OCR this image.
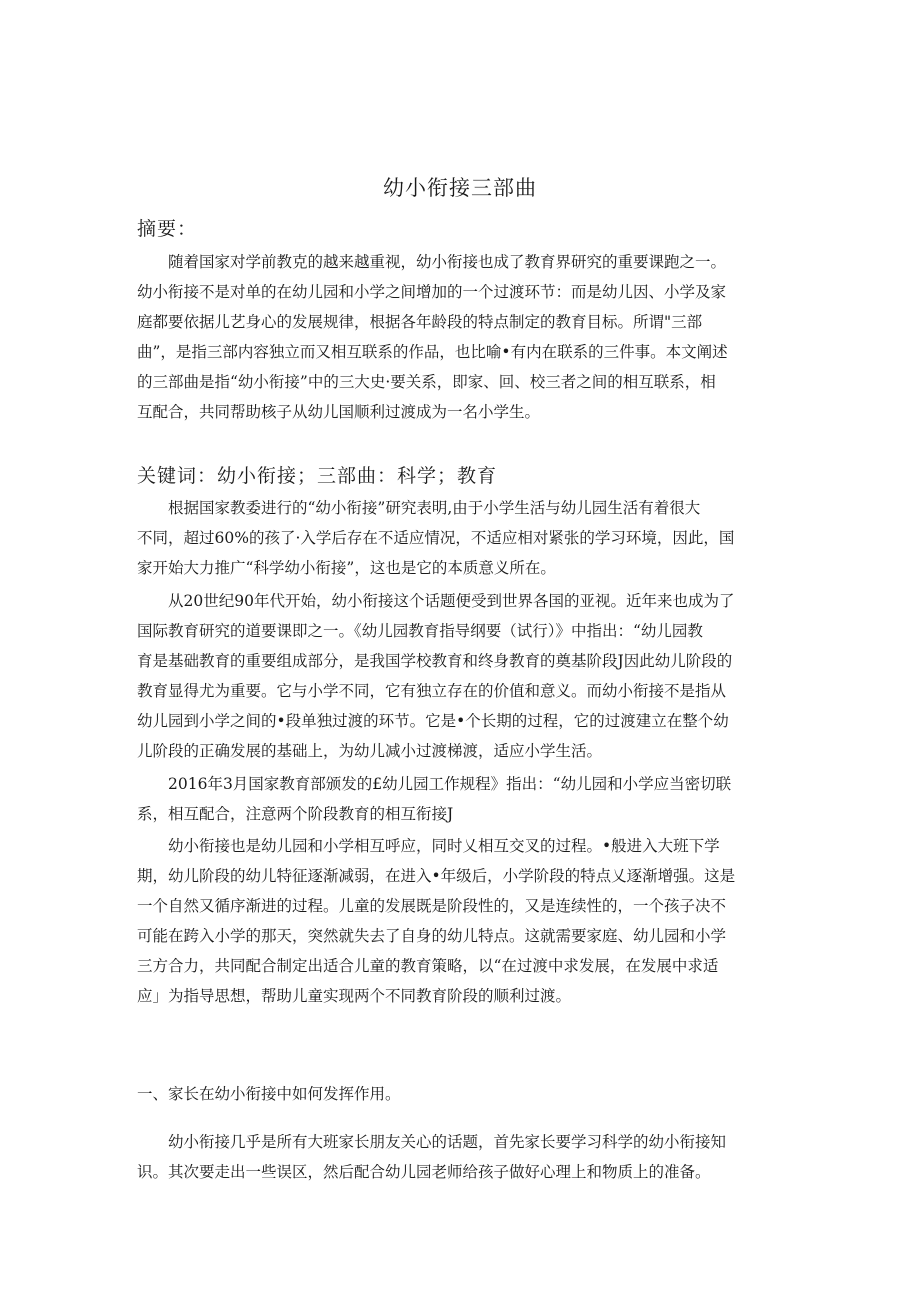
幼小衔接三部曲
摘要：
　　随着国家对学前教克的越来越重视，幼小衔接也成了教育界研究的重要课跑之一。
幼小衔接不是对单的在幼儿园和小学之间增加的一个过渡环节：而是幼儿因、小学及家
庭都要依据儿艺身心的发展规律，根据各年龄段的特点制定的教育目标。所谓"三部
曲”，是指三部内容独立而又相互联系的作品，也比喻•有内在联系的三件事。本文阐述
的三部曲是指“幼小衔接”中的三大史·要关系，即家、回、校三者之间的相互联系，相
互配合，共同帮助核子从幼儿国顺利过渡成为一名小学生。
关键词：幼小衔接；三部曲：科学；教育
　　根据国家教委进行的“幼小衔接”研究表明,由于小学生活与幼儿园生活有着很大
不同，超过60%的孩了·入学后存在不适应情况，不适应相对紧张的学习环境，因此，国
家开始大力推广“科学幼小衔接”，这也是它的本质意义所在。
　　从20世纪90年代开始，幼小衔接这个话题便受到世界各国的亚视。近年来也成为了
国际教育研究的道要课即之一。《幼儿园教育指导纲要（试行）》中指出：“幼儿园教
育是基础教育的重要组成部分，是我国学校教育和终身教育的奠基阶段J因此幼儿阶段的
教育显得尤为重要。它与小学不同，它有独立存在的价值和意义。而幼小衔接不是指从
幼儿园到小学之间的•段单独过渡的环节。它是•个长期的过程，它的过渡建立在整个幼
儿阶段的正确发展的基础上，为幼儿减小过渡梯渡，适应小学生活。
　　2016年3月国家教育部颁发的£幼儿园工作规程》指出：“幼儿园和小学应当密切联
系，相互配合，注意两个阶段教育的相互衔接J
　　幼小衔接也是幼儿园和小学相互呼应，同时乂相互交叉的过程。•般进入大班下学
期，幼儿阶段的幼儿特征逐渐减弱，在进入•年级后，小学阶段的特点乂逐渐增强。这是
一个自然又循序渐进的过程。儿童的发展既是阶段性的，又是连续性的，一个孩子决不
可能在跨入小学的那天，突然就失去了自身的幼儿特点。这就需要家庭、幼儿园和小学
三方合力，共同配合制定出适合儿童的教育策略，以“在过渡中求发展，在发展中求适
应」为指导思想，帮助儿童实现两个不同教育阶段的顺利过渡。
一、家长在幼小衔接中如何发挥作用。
　　幼小衔接几乎是所有大班家长朋友关心的话题，首先家长要学习科学的幼小衔接知
识。其次要走出一些误区，然后配合幼儿园老师给孩子做好心理上和物质上的准备。
